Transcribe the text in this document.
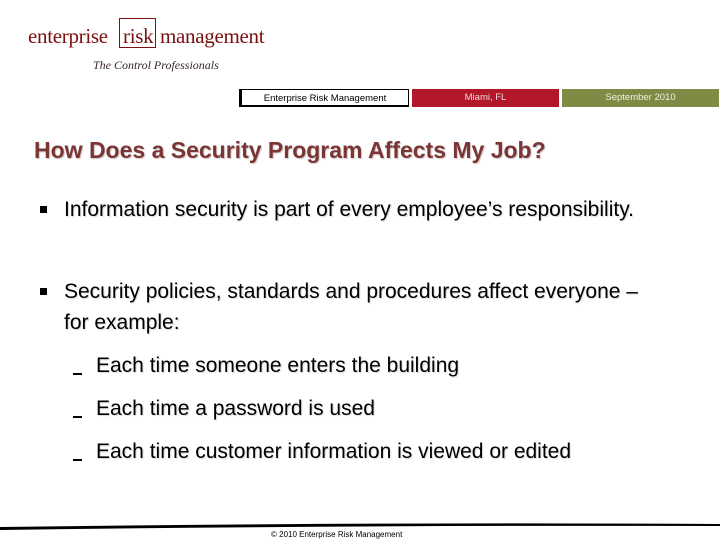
enterprise risk management
The Control Professionals
Enterprise Risk Management	Miami, FL	September 2010
How Does a Security Program Affects My Job?
Information security is part of every employee’s responsibility.
Security policies, standards and procedures affect everyone – for example:
Each time someone enters the building
Each time a password is used
Each time customer information is viewed or edited
© 2010 Enterprise Risk Management
